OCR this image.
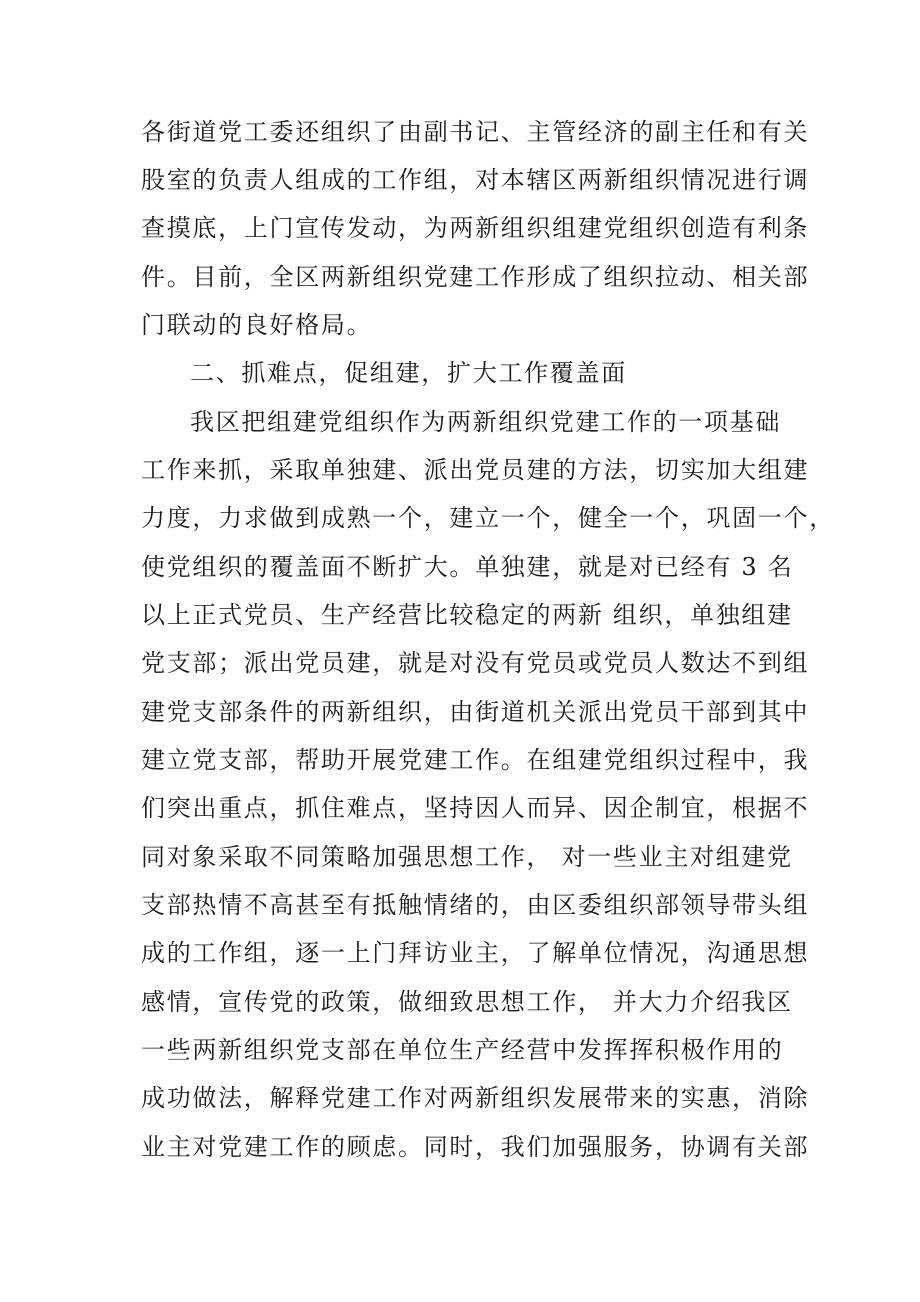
各街道党工委还组织了由副书记、主管经济的副主任和有关
股室的负责人组成的工作组，对本辖区两新组织情况进行调
查摸底，上门宣传发动，为两新组织组建党组织创造有利条
件。目前，全区两新组织党建工作形成了组织拉动、相关部
门联动的良好格局。
二、抓难点，促组建，扩大工作覆盖面
我区把组建党组织作为两新组织党建工作的一项基础
工作来抓，采取单独建、派出党员建的方法，切实加大组建
力度，力求做到成熟一个，建立一个，健全一个，巩固一个，
使党组织的覆盖面不断扩大。单独建，就是对已经有 3 名
以上正式党员、生产经营比较稳定的两新 组织，单独组建
党支部；派出党员建，就是对没有党员或党员人数达不到组
建党支部条件的两新组织，由街道机关派出党员干部到其中
建立党支部，帮助开展党建工作。在组建党组织过程中，我
们突出重点，抓住难点，坚持因人而异、因企制宜，根据不
同对象采取不同策略加强思想工作， 对一些业主对组建党
支部热情不高甚至有抵触情绪的，由区委组织部领导带头组
成的工作组，逐一上门拜访业主，了解单位情况，沟通思想
感情，宣传党的政策，做细致思想工作， 并大力介绍我区
一些两新组织党支部在单位生产经营中发挥挥积极作用的
成功做法，解释党建工作对两新组织发展带来的实惠，消除
业主对党建工作的顾虑。同时，我们加强服务，协调有关部
